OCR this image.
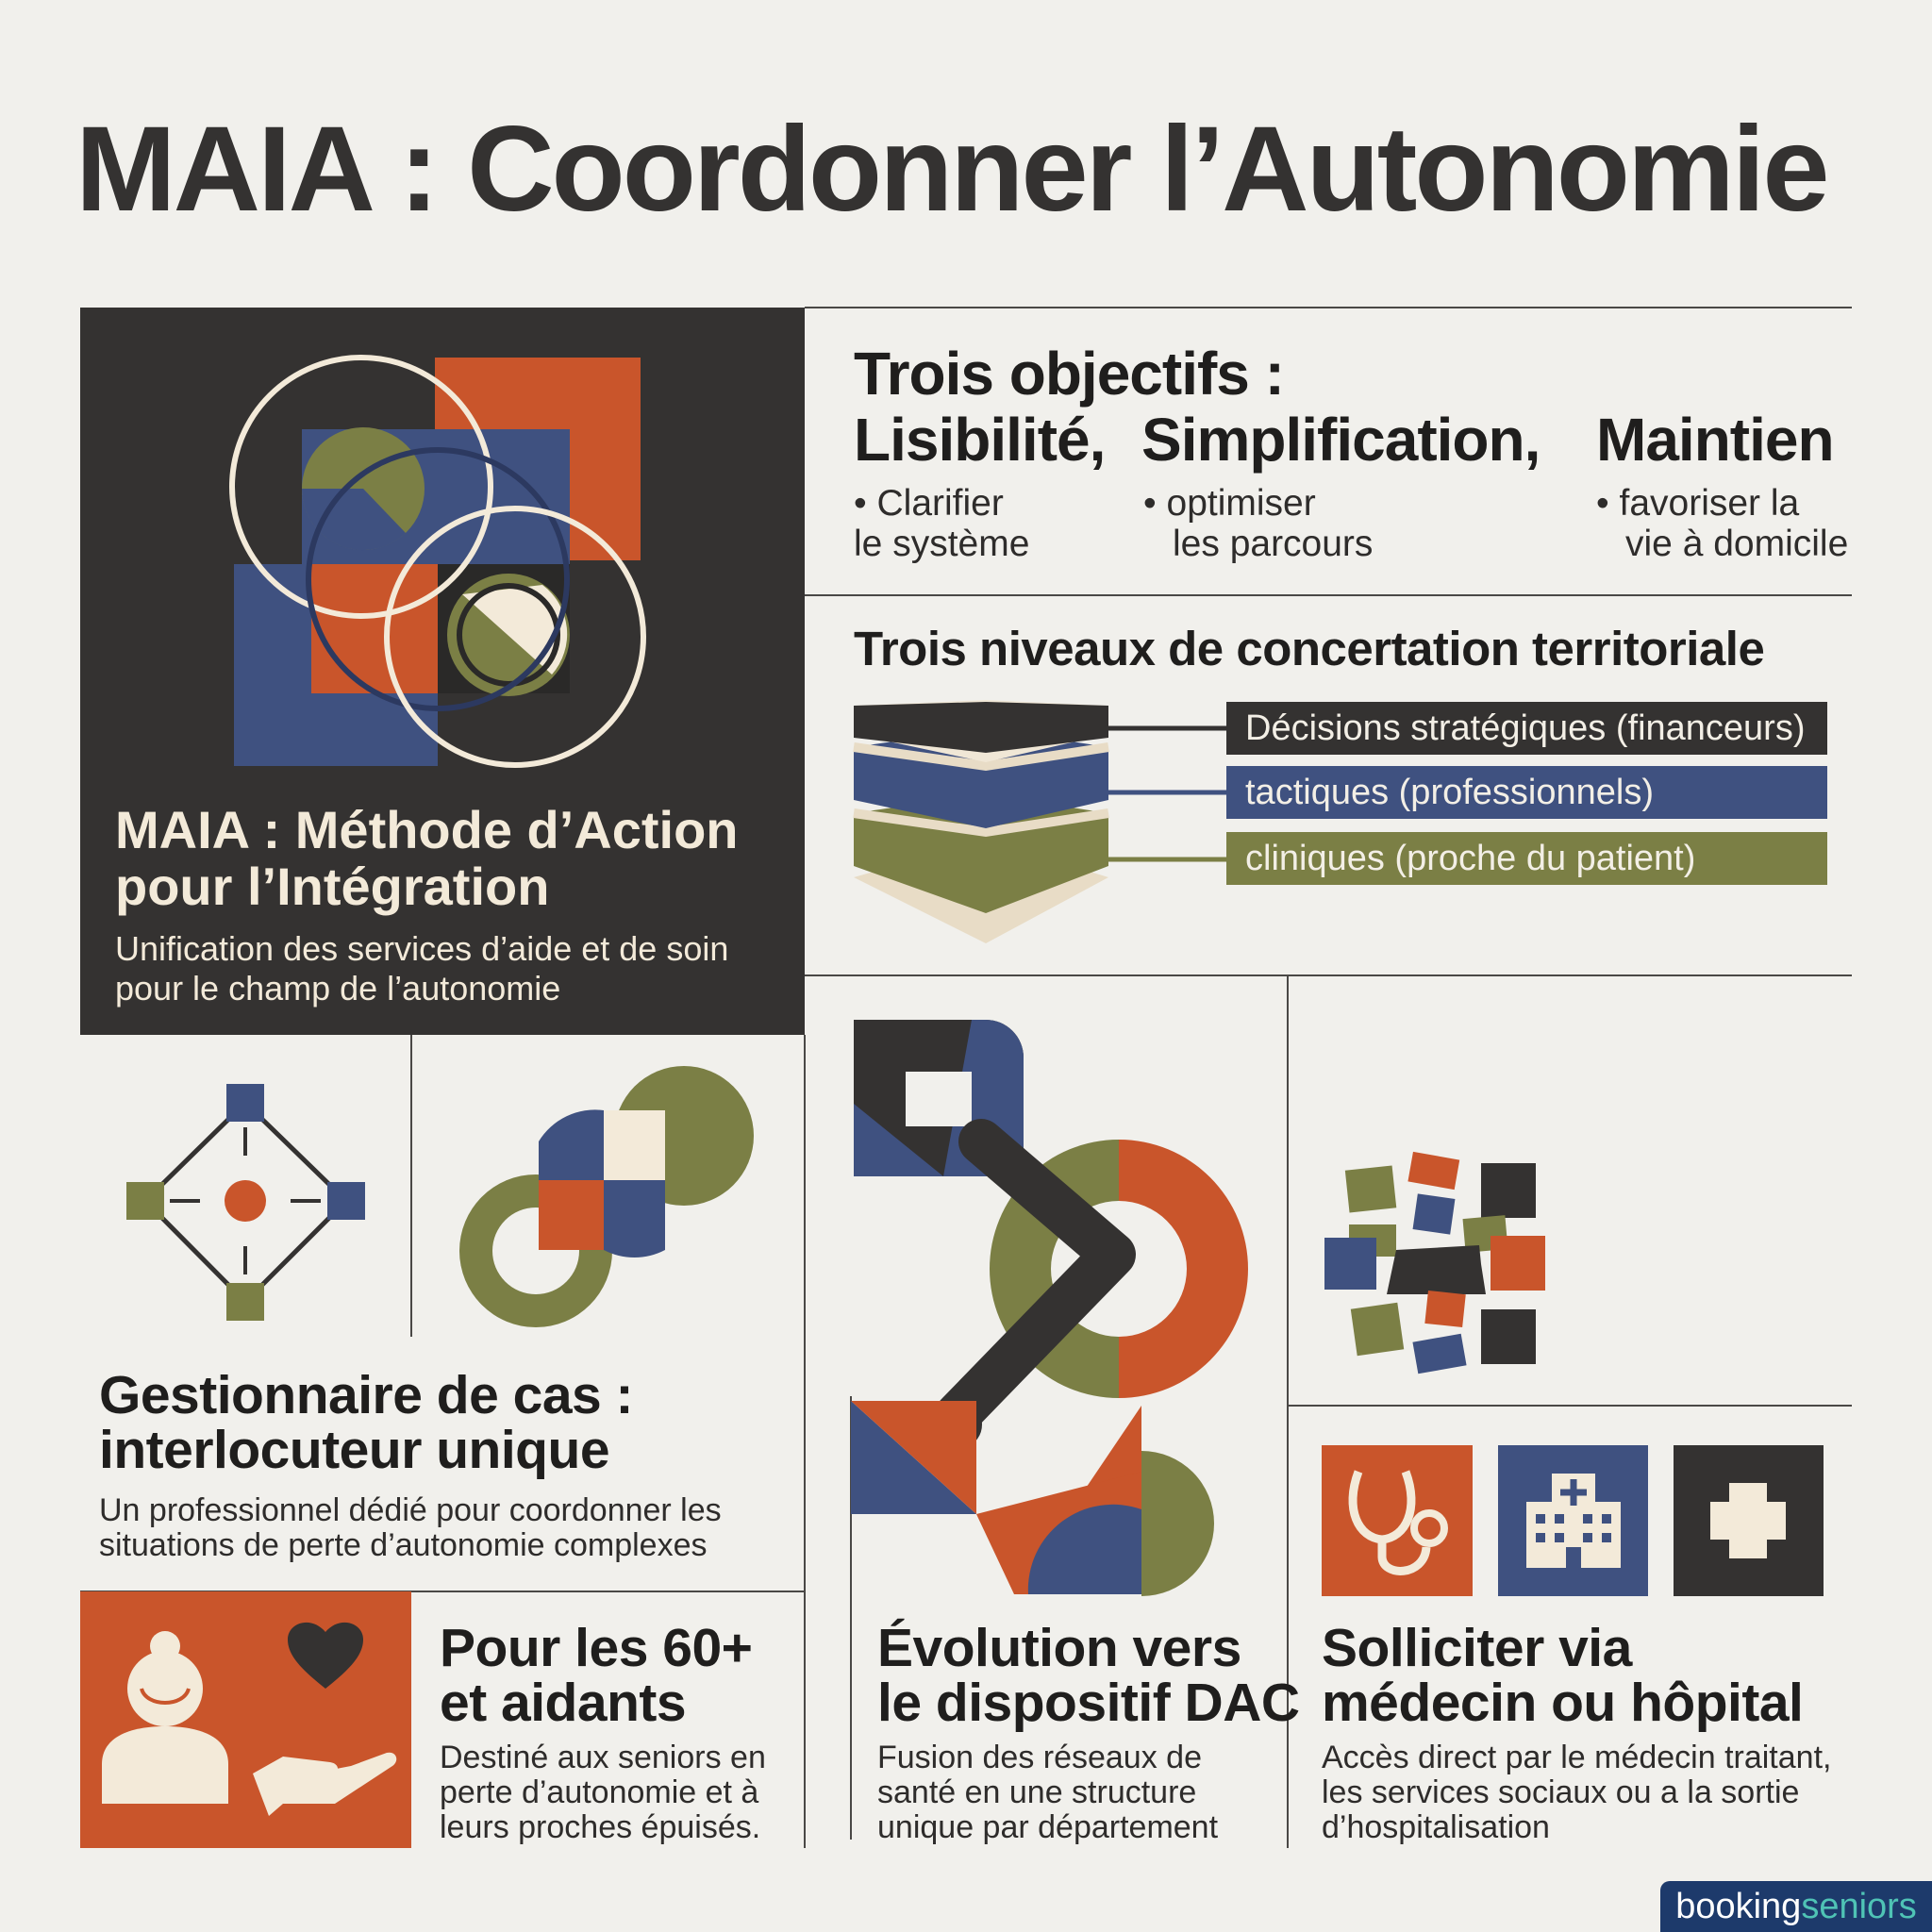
MAIA : Coordonner l’Autonomie
MAIA : Méthode d’Action
pour l’Intégration
Unification des services d’aide et de soin
pour le champ de l’autonomie
Trois objectifs :
Lisibilité, Simplification, Maintien
• Clarifier
le système
• optimiser
les parcours
• favoriser la
vie à domicile
Trois niveaux de concertation territoriale
Décisions stratégiques (financeurs)
tactiques (professionnels)
cliniques (proche du patient)
Gestionnaire de cas :
interlocuteur unique
Un professionnel dédié pour coordonner les
situations de perte d’autonomie complexes
Pour les 60+
et aidants
Destiné aux seniors en
perte d’autonomie et à
leurs proches épuisés.
Évolution vers
le dispositif DAC
Fusion des réseaux de
santé en une structure
unique par département
Solliciter via
médecin ou hôpital
Accès direct par le médecin traitant,
les services sociaux ou a la sortie
d’hospitalisation
bookingseniors
